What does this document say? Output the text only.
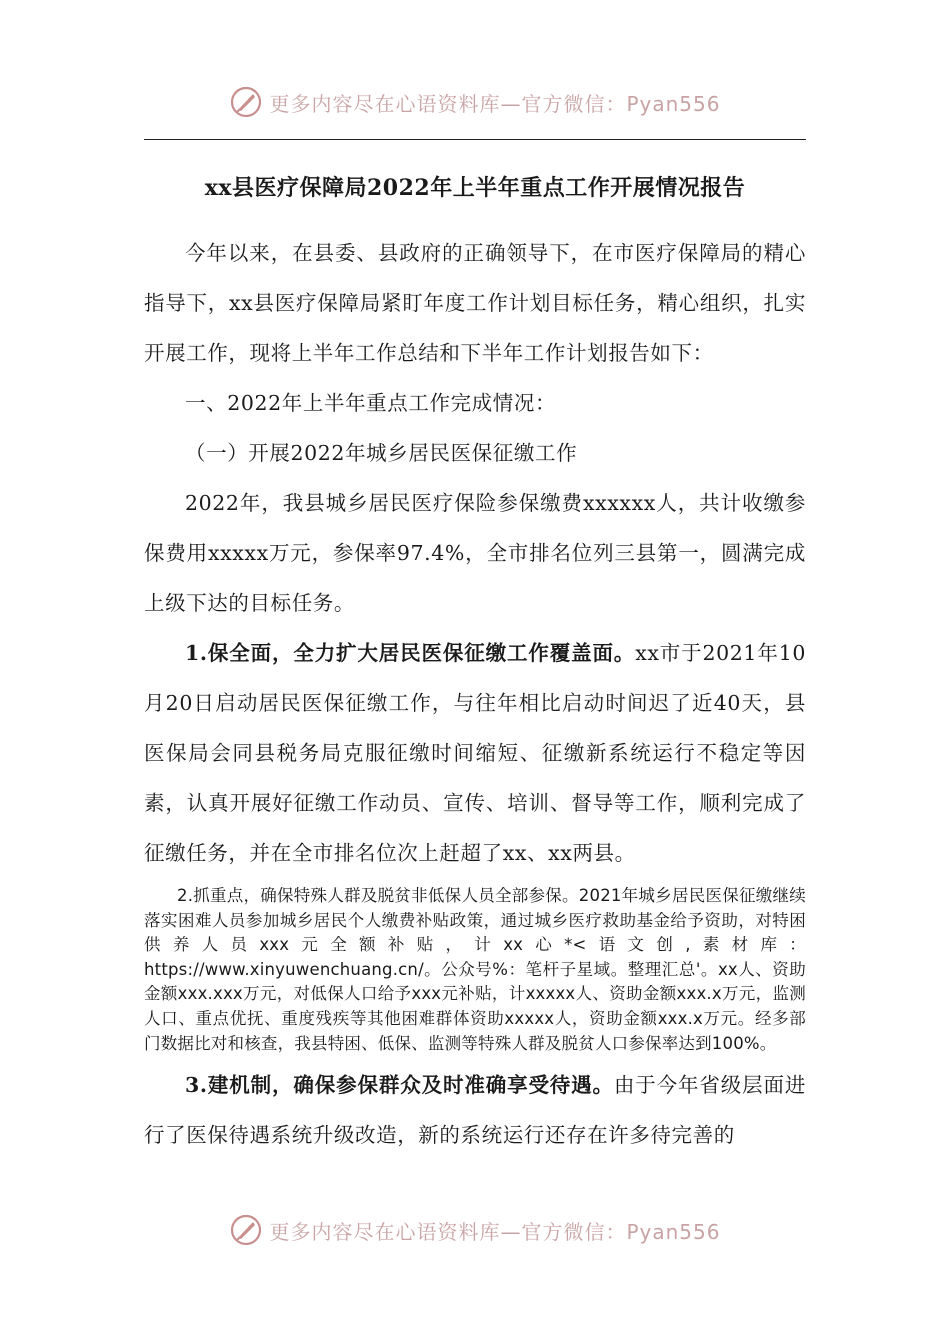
更多内容尽在心语资料库—官方微信：Pyan556
xx县医疗保障局2022年上半年重点工作开展情况报告

今年以来，在县委、县政府的正确领导下，在市医疗保障局的精心指导下，xx县医疗保障局紧盯年度工作计划目标任务，精心组织，扎实开展工作，现将上半年工作总结和下半年工作计划报告如下：

一、2022年上半年重点工作完成情况：

（一）开展2022年城乡居民医保征缴工作

2022年，我县城乡居民医疗保险参保缴费xxxxxx人，共计收缴参保费用xxxxx万元，参保率97.4%，全市排名位列三县第一，圆满完成上级下达的目标任务。

1.保全面，全力扩大居民医保征缴工作覆盖面。xx市于2021年10月20日启动居民医保征缴工作，与往年相比启动时间迟了近40天，县医保局会同县税务局克服征缴时间缩短、征缴新系统运行不稳定等因素，认真开展好征缴工作动员、宣传、培训、督导等工作，顺利完成了征缴任务，并在全市排名位次上赶超了xx、xx两县。

2.抓重点，确保特殊人群及脱贫非低保人员全部参保。2021年城乡居民医保征缴继续落实困难人员参加城乡居民个人缴费补贴政策，通过城乡医疗救助基金给予资助，对特困供养人员xxx元全额补贴，计xx心*<语文创,素材库：https://www.xinyuwenchuang.cn/。公众号%：笔杆子星域。整理汇总'。xx人、资助金额xxx.xxx万元，对低保人口给予xxx元补贴，计xxxxx人、资助金额xxx.x万元，监测人口、重点优抚、重度残疾等其他困难群体资助xxxxx人，资助金额xxx.x万元。经多部门数据比对和核查，我县特困、低保、监测等特殊人群及脱贫人口参保率达到100%。

3.建机制，确保参保群众及时准确享受待遇。由于今年省级层面进行了医保待遇系统升级改造，新的系统运行还存在许多待完善的

更多内容尽在心语资料库—官方微信：Pyan556
